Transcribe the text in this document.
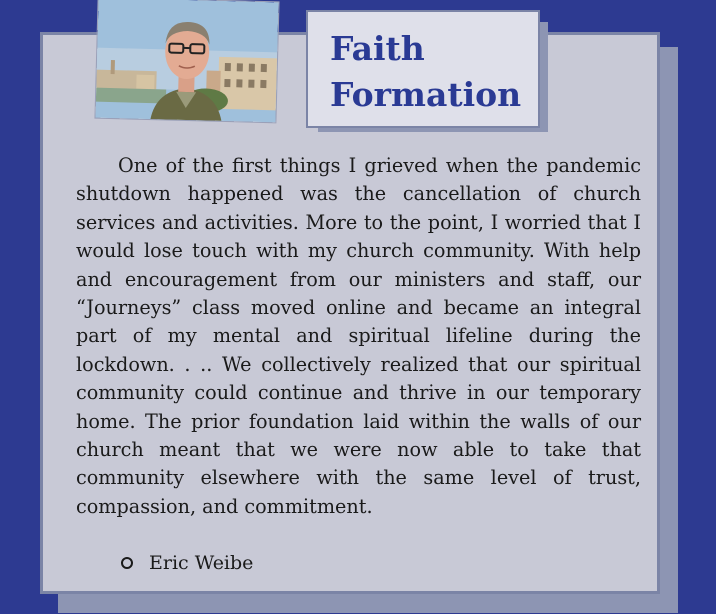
Faith
Formation

One of the first things I grieved when the pandemic shutdown happened was the cancellation of church services and activities. More to the point, I worried that I would lose touch with my church community. With help and encouragement from our ministers and staff, our “Journeys” class moved online and became an integral part of my mental and spiritual lifeline during the lockdown. . .. We collectively realized that our spiritual community could continue and thrive in our temporary home. The prior foundation laid within the walls of our church meant that we were now able to take that community elsewhere with the same level of trust, compassion, and commitment.

Eric Weibe
